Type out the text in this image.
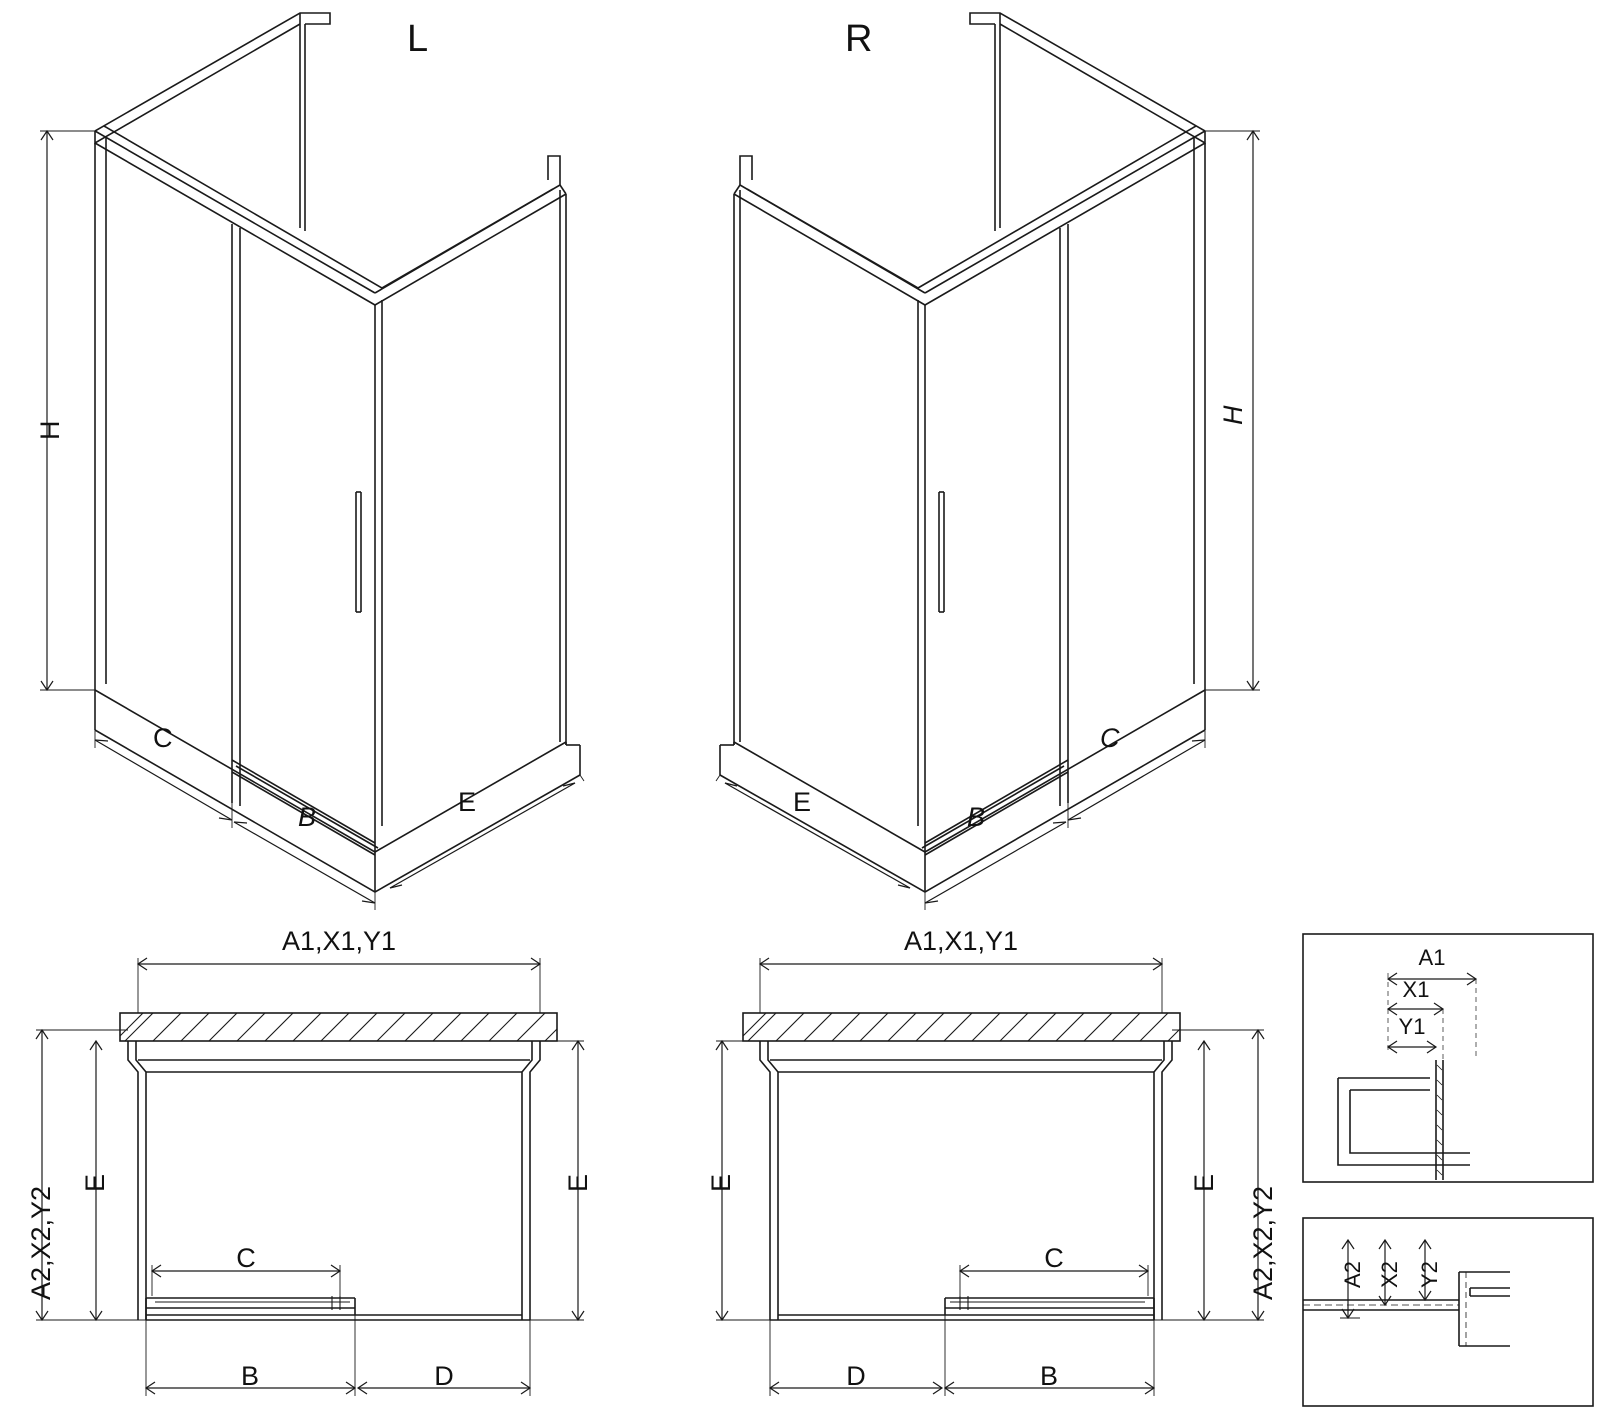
L	R
H
H
C
B	E
C
B
E
A1,X1,Y1	A1,X1,Y1
A2,X2,Y2	A2,X2,Y2
E	E	E	E
C	C
B	D	B
D
A1
X1
Y1
A2 X2 Y2
